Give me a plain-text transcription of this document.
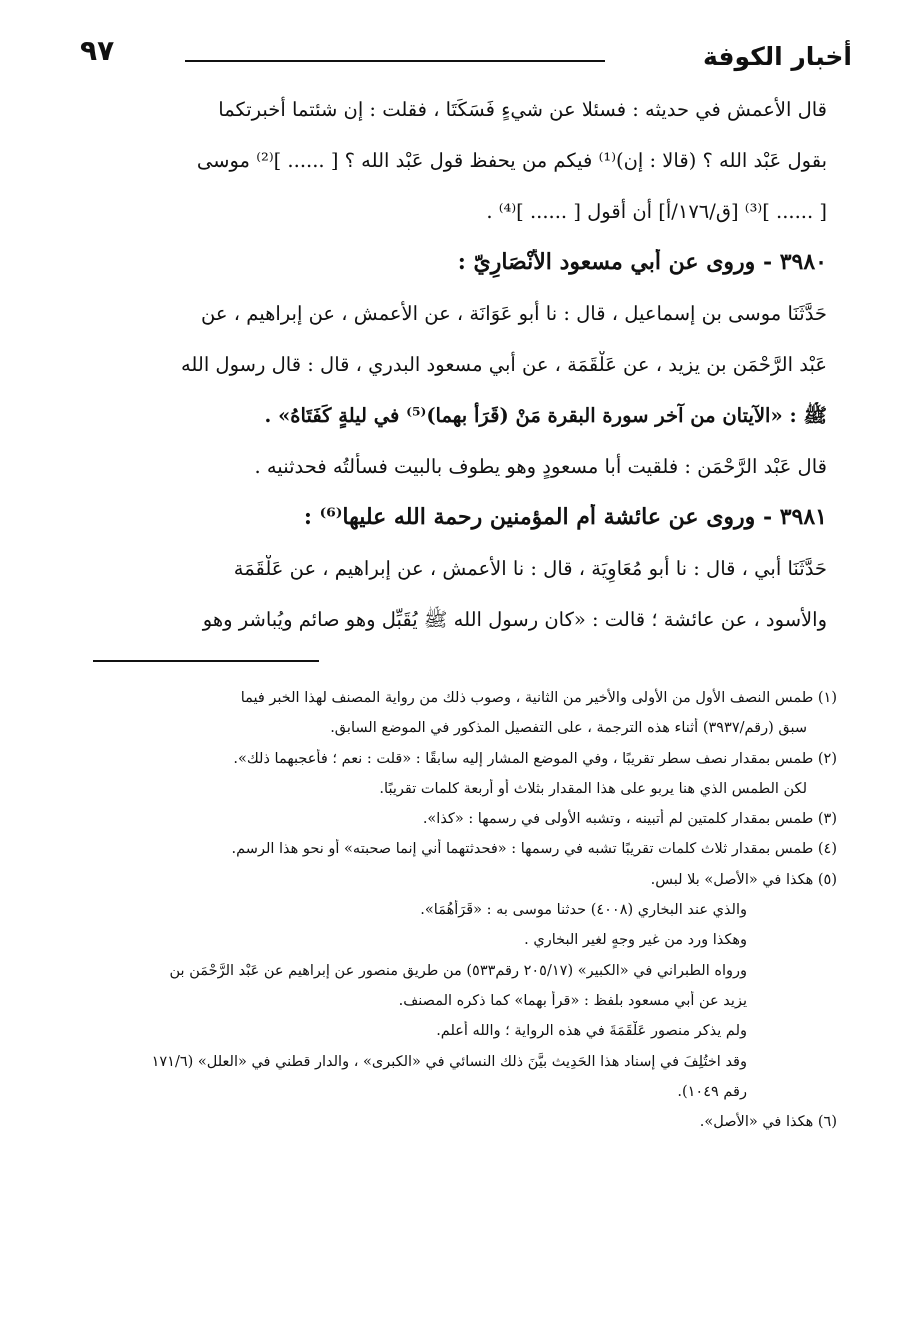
أخبار الكوفة
٩٧
قال الأعمش في حديثه : فسئلا عن شيءٍ فَسَكَتَا ، فقلت : إن شئتما أخبرتكما
بقول عَبْد الله ؟ (قالا : إن)⁽¹⁾ فيكم من يحفظ قول عَبْد الله ؟ [ ...... ]⁽²⁾ موسى
[ ...... ]⁽³⁾ [ق/١٧٦/أ] أن أقول [ ...... ]⁽⁴⁾ .
٣٩٨٠ - وروى عن أبي مسعود الأنْصَارِيّ :
حَدَّثَنَا موسى بن إسماعيل ، قال : نا أبو عَوَانَة ، عن الأعمش ، عن إبراهيم ، عن
عَبْد الرَّحْمَن بن يزيد ، عن عَلْقَمَة ، عن أبي مسعود البدري ، قال : قال رسول الله
ﷺ : «الآيتان من آخر سورة البقرة مَنْ (قَرَأ بهما)⁽⁵⁾ في ليلةٍ كَفَتَاهُ» .
قال عَبْد الرَّحْمَن : فلقيت أبا مسعودٍ وهو يطوف بالبيت فسألتُه فحدثنيه .
٣٩٨١ - وروى عن عائشة أم المؤمنين رحمة الله عليها⁽⁶⁾ :
حَدَّثَنَا أبي ، قال : نا أبو مُعَاوِيَة ، قال : نا الأعمش ، عن إبراهيم ، عن عَلْقَمَة
والأسود ، عن عائشة ؛ قالت : «كان رسول الله ﷺ يُقَبِّل وهو صائم ويُباشر وهو
(١) طمس النصف الأول من الأولى والأخير من الثانية ، وصوب ذلك من رواية المصنف لهذا الخبر فيما
سبق (رقم/٣٩٣٧) أثناء هذه الترجمة ، على التفصيل المذكور في الموضع السابق.
(٢) طمس بمقدار نصف سطر تقريبًا ، وفي الموضع المشار إليه سابقًا : «قلت : نعم ؛ فأعجبهما ذلك».
لكن الطمس الذي هنا يربو على هذا المقدار بثلاث أو أربعة كلمات تقريبًا.
(٣) طمس بمقدار كلمتين لم أتبينه ، وتشبه الأولى في رسمها : «كذا».
(٤) طمس بمقدار ثلاث كلمات تقريبًا تشبه في رسمها : «فحدثتهما أني إنما صحبته» أو نحو هذا الرسم.
(٥) هكذا في «الأصل» بلا لبس.
والذي عند البخاري (٤٠٠٨) حدثنا موسى به : «قَرَأَهُمَا».
وهكذا ورد من غير وجهٍ لغير البخاري .
ورواه الطبراني في «الكبير» (٢٠٥/١٧ رقم٥٣٣) من طريق منصور عن إبراهيم عن عَبْد الرَّحْمَن بن
يزيد عن أبي مسعود بلفظ : «قرأ بهما» كما ذكره المصنف.
ولم يذكر منصور عَلْقَمَةَ في هذه الرواية ؛ والله أعلم.
وقد اختُلِفَ في إسناد هذا الحَدِيث بيَّنَ ذلك النسائي في «الكبرى» ، والدار قطني في «العلل» (١٧١/٦
رقم ١٠٤٩).
(٦) هكذا في «الأصل».
